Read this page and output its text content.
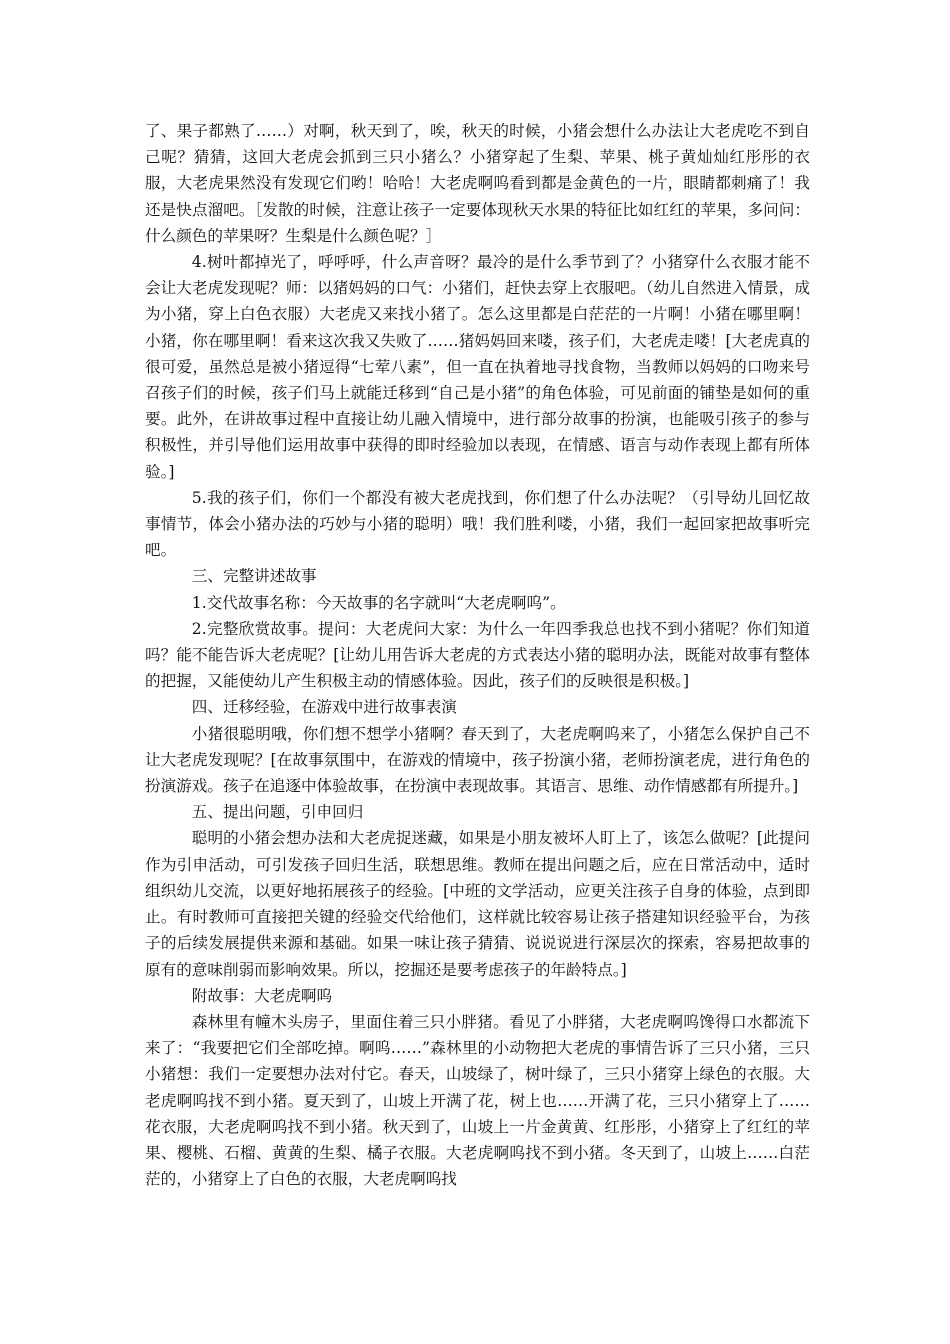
了、果子都熟了……）对啊，秋天到了，唉，秋天的时候，小猪会想什么办法让大老虎吃不到自己呢？猜猜，这回大老虎会抓到三只小猪么？小猪穿起了生梨、苹果、桃子黄灿灿红彤彤的衣服，大老虎果然没有发现它们哟！哈哈！大老虎啊呜看到都是金黄色的一片，眼睛都刺痛了！我还是快点溜吧。［发散的时候，注意让孩子一定要体现秋天水果的特征比如红红的苹果，多问问：什么颜色的苹果呀？生梨是什么颜色呢？］

4.树叶都掉光了，呼呼呼，什么声音呀？最冷的是什么季节到了？小猪穿什么衣服才能不会让大老虎发现呢？师：以猪妈妈的口气：小猪们，赶快去穿上衣服吧。（幼儿自然进入情景，成为小猪，穿上白色衣服）大老虎又来找小猪了。怎么这里都是白茫茫的一片啊！小猪在哪里啊！小猪，你在哪里啊！看来这次我又失败了……猪妈妈回来喽，孩子们，大老虎走喽！[大老虎真的很可爱，虽然总是被小猪逗得“七荤八素”，但一直在执着地寻找食物，当教师以妈妈的口吻来号召孩子们的时候，孩子们马上就能迁移到“自己是小猪”的角色体验，可见前面的铺垫是如何的重要。此外，在讲故事过程中直接让幼儿融入情境中，进行部分故事的扮演，也能吸引孩子的参与积极性，并引导他们运用故事中获得的即时经验加以表现，在情感、语言与动作表现上都有所体验。]

5.我的孩子们，你们一个都没有被大老虎找到，你们想了什么办法呢？（引导幼儿回忆故事情节，体会小猪办法的巧妙与小猪的聪明）哦！我们胜利喽，小猪，我们一起回家把故事听完吧。

三、完整讲述故事

1.交代故事名称：今天故事的名字就叫“大老虎啊呜”。

2.完整欣赏故事。提问：大老虎问大家：为什么一年四季我总也找不到小猪呢？你们知道吗？能不能告诉大老虎呢？[让幼儿用告诉大老虎的方式表达小猪的聪明办法，既能对故事有整体的把握，又能使幼儿产生积极主动的情感体验。因此，孩子们的反映很是积极。]

四、迁移经验，在游戏中进行故事表演

小猪很聪明哦，你们想不想学小猪啊？春天到了，大老虎啊呜来了，小猪怎么保护自己不让大老虎发现呢？[在故事氛围中，在游戏的情境中，孩子扮演小猪，老师扮演老虎，进行角色的扮演游戏。孩子在追逐中体验故事，在扮演中表现故事。其语言、思维、动作情感都有所提升。]

五、提出问题，引申回归

聪明的小猪会想办法和大老虎捉迷藏，如果是小朋友被坏人盯上了，该怎么做呢？[此提问作为引申活动，可引发孩子回归生活，联想思维。教师在提出问题之后，应在日常活动中，适时组织幼儿交流，以更好地拓展孩子的经验。[中班的文学活动，应更关注孩子自身的体验，点到即止。有时教师可直接把关键的经验交代给他们，这样就比较容易让孩子搭建知识经验平台，为孩子的后续发展提供来源和基础。如果一味让孩子猜猜、说说说进行深层次的探索，容易把故事的原有的意味削弱而影响效果。所以，挖掘还是要考虑孩子的年龄特点。]

附故事：大老虎啊呜

森林里有幢木头房子，里面住着三只小胖猪。看见了小胖猪，大老虎啊呜馋得口水都流下来了：“我要把它们全部吃掉。啊呜……”森林里的小动物把大老虎的事情告诉了三只小猪，三只小猪想：我们一定要想办法对付它。春天，山坡绿了，树叶绿了，三只小猪穿上绿色的衣服。大老虎啊呜找不到小猪。夏天到了，山坡上开满了花，树上也……开满了花，三只小猪穿上了…… 花衣服，大老虎啊呜找不到小猪。秋天到了，山坡上一片金黄黄、红彤彤，小猪穿上了红红的苹果、樱桃、石榴、黄黄的生梨、橘子衣服。大老虎啊呜找不到小猪。冬天到了，山坡上……白茫茫的，小猪穿上了白色的衣服，大老虎啊呜找
